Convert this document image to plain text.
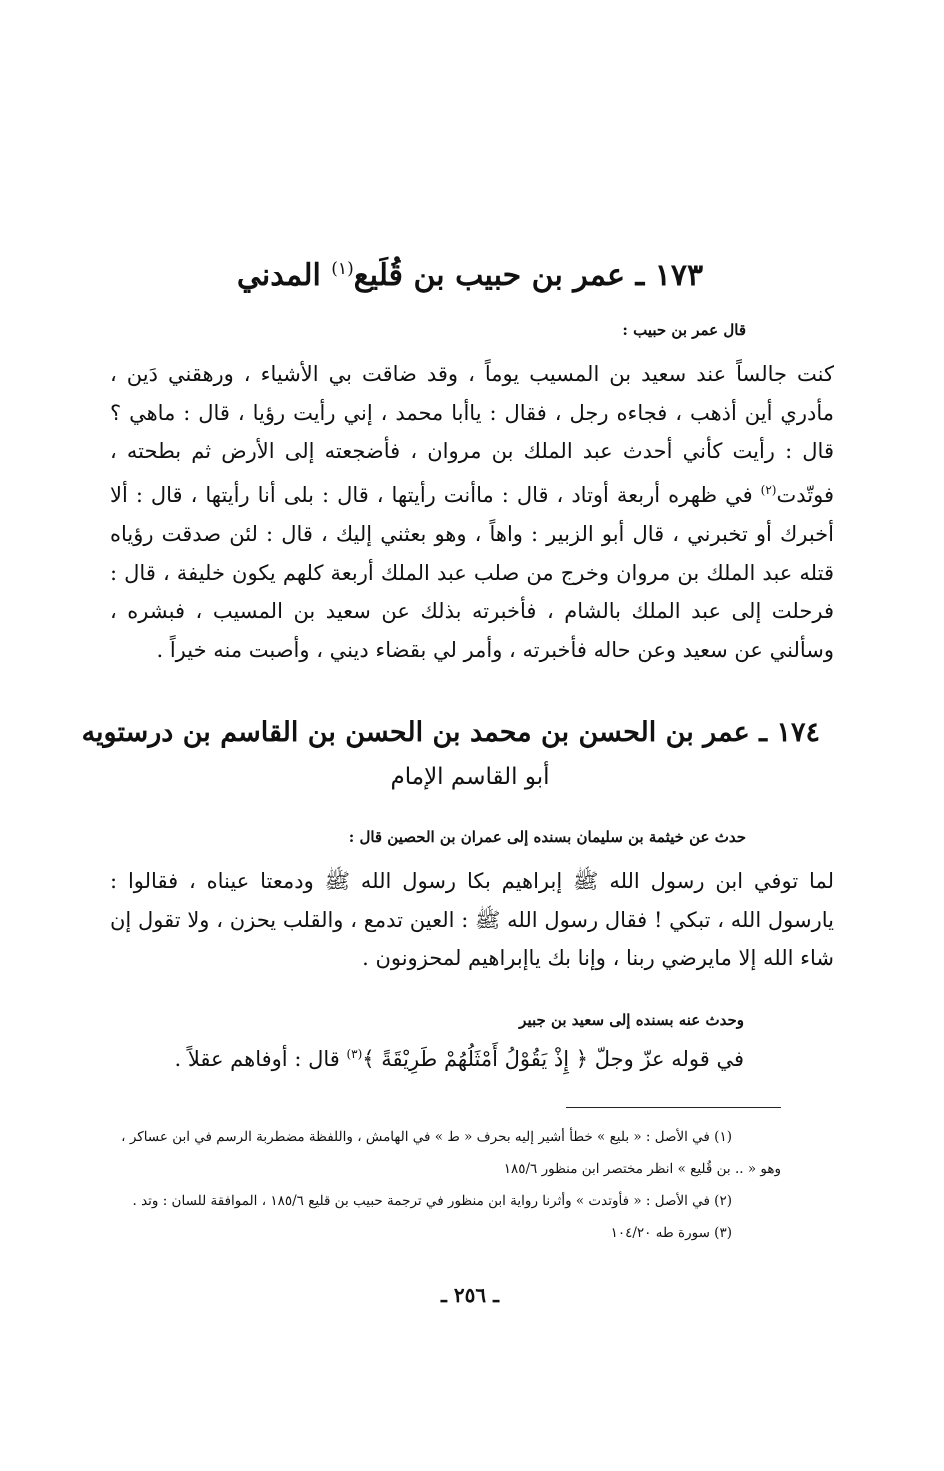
١٧٣ ـ عمر بن حبيب بن قُلَيع$^{(١)}$ المدني

قال عمر بن حبيب :

كنت جالساً عند سعيد بن المسيب يوماً ، وقد ضاقت بي الأشياء ، ورهقني دَين ، مأدري أين أذهب ، فجاءه رجل ، فقال : ياأبا محمد ، إني رأيت رؤيا ، قال : ماهي ؟ قال : رأيت كأني أحدث عبد الملك بن مروان ، فأضجعته إلى الأرض ثم بطحته ، فوتّدت$^{(٢)}$ في ظهره أربعة أوتاد ، قال : ماأنت رأيتها ، قال : بلى أنا رأيتها ، قال : ألا أخبرك أو تخبرني ، قال أبو الزبير : واهاً ، وهو بعثني إليك ، قال : لئن صدقت رؤياه قتله عبد الملك بن مروان وخرج من صلب عبد الملك أربعة كلهم يكون خليفة ، قال : فرحلت إلى عبد الملك بالشام ، فأخبرته بذلك عن سعيد بن المسيب ، فبشره ، وسألني عن سعيد وعن حاله فأخبرته ، وأمر لي بقضاء ديني ، وأصبت منه خيراً .

١٧٤ ـ عمر بن الحسن بن محمد بن الحسن بن القاسم بن درستويه

أبو القاسم الإمام

حدث عن خيثمة بن سليمان بسنده إلى عمران بن الحصين قال :

لما توفي ابن رسول الله ﷺ إبراهيم بكا رسول الله ﷺ ودمعتا عيناه ، فقالوا : يارسول الله ، تبكي ! فقال رسول الله ﷺ : العين تدمع ، والقلب يحزن ، ولا تقول إن شاء الله إلا مايرضي ربنا ، وإنا بك ياإبراهيم لمحزونون .

وحدث عنه بسنده إلى سعيد بن جبير

في قوله عزّ وجلّ ﴿ إِذْ يَقُوْلُ أَمْثَلُهُمْ طَرِيْقَةً ﴾$^{(٣)}$ قال : أوفاهم عقلاً .

(١) في الأصل : « بليع » خطأ أشير إليه بحرف « ط » في الهامش ، واللفظة مضطربة الرسم في ابن عساكر ،

وهو « .. بن قُليع » انظر مختصر ابن منظور ١٨٥/٦

(٢) في الأصل : « فأوتدت » وأثرنا رواية ابن منظور في ترجمة حبيب بن قليع ١٨٥/٦ ، الموافقة للسان : وتد .

(٣) سورة طه ١٠٤/٢٠

ـ ٢٥٦ ـ
